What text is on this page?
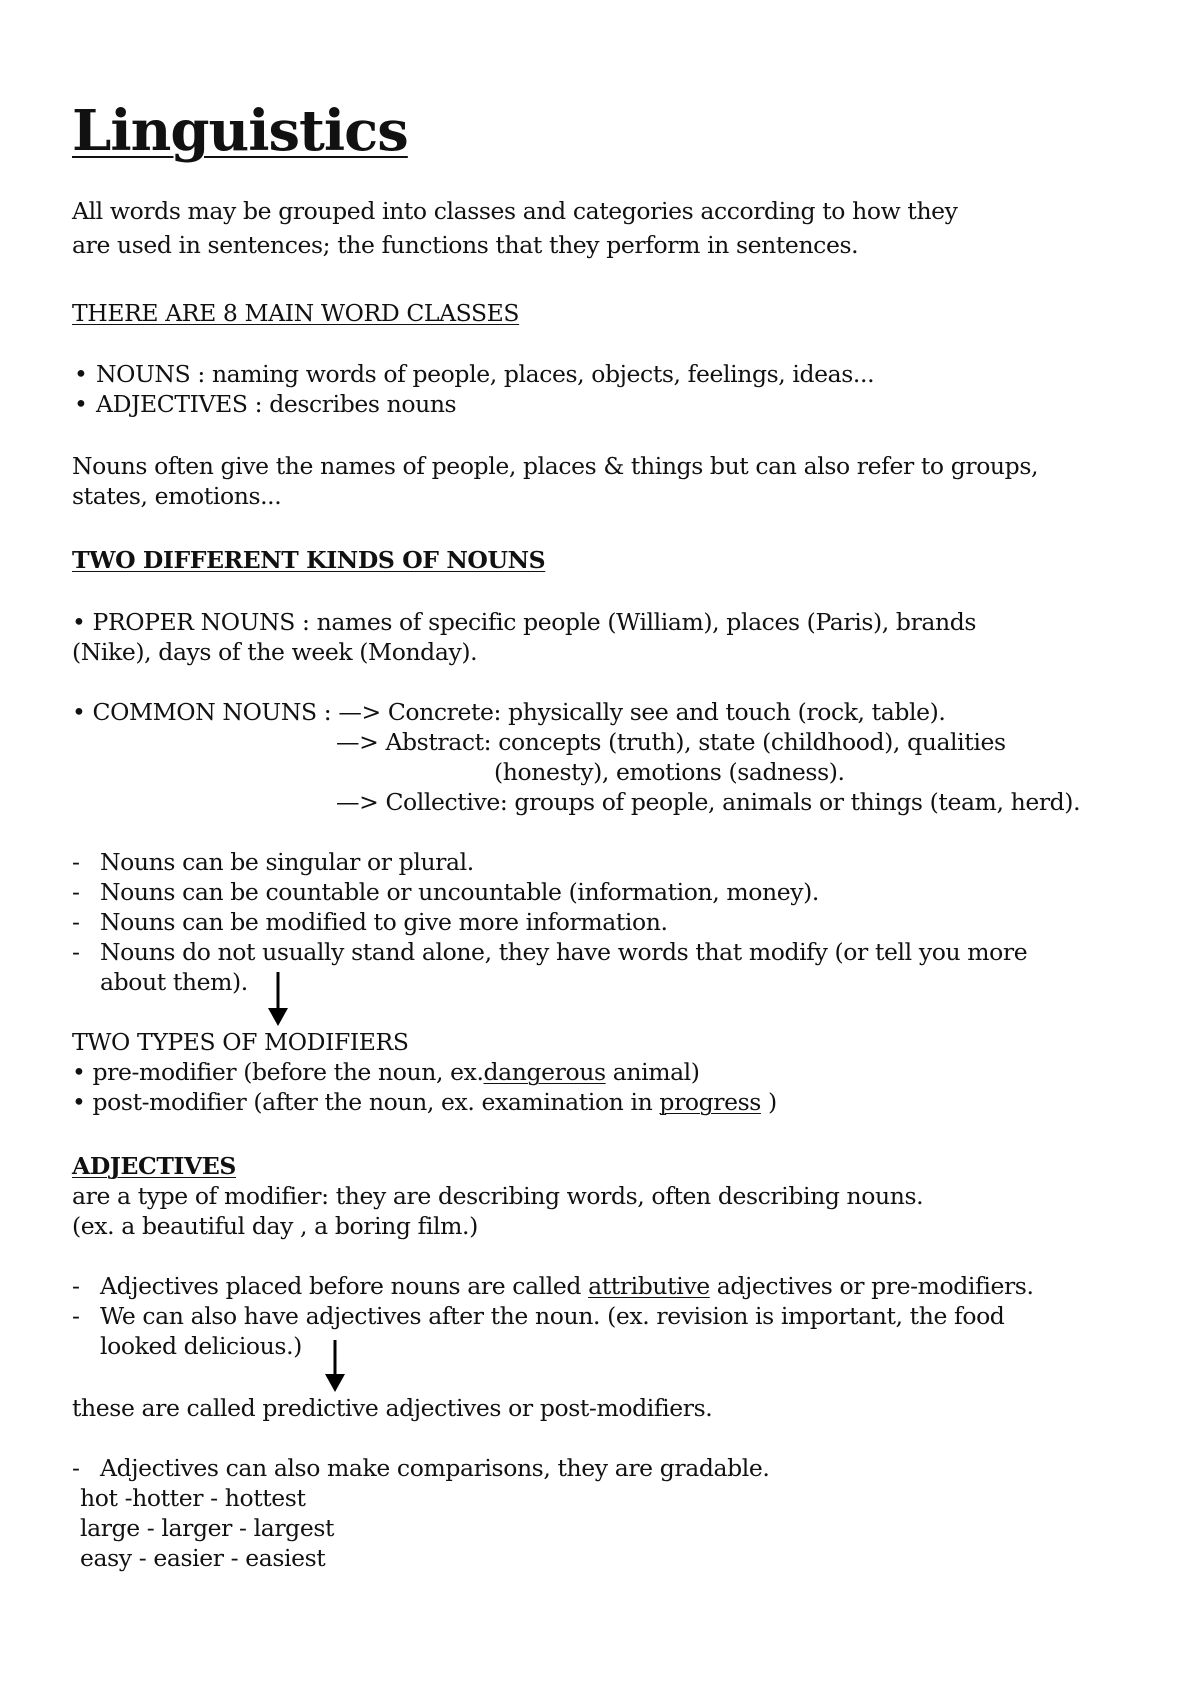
Linguistics
All words may be grouped into classes and categories according to how they
are used in sentences; the functions that they perform in sentences.
THERE ARE 8 MAIN WORD CLASSES
• NOUNS : naming words of people, places, objects, feelings, ideas...
• ADJECTIVES : describes nouns
Nouns often give the names of people, places & things but can also refer to groups,
states, emotions...
TWO DIFFERENT KINDS OF NOUNS
• PROPER NOUNS : names of specific people (William), places (Paris), brands
(Nike), days of the week (Monday).
• COMMON NOUNS : —> Concrete: physically see and touch (rock, table).
—> Abstract: concepts (truth), state (childhood), qualities
(honesty), emotions (sadness).
—> Collective: groups of people, animals or things (team, herd).
- Nouns can be singular or plural.
- Nouns can be countable or uncountable (information, money).
- Nouns can be modified to give more information.
- Nouns do not usually stand alone, they have words that modify (or tell you more
about them).
TWO TYPES OF MODIFIERS
• pre-modifier (before the noun, ex.dangerous animal)
• post-modifier (after the noun, ex. examination in progress )
ADJECTIVES
are a type of modifier: they are describing words, often describing nouns.
(ex. a beautiful day , a boring film.)
- Adjectives placed before nouns are called attributive adjectives or pre-modifiers.
- We can also have adjectives after the noun. (ex. revision is important, the food
looked delicious.)
these are called predictive adjectives or post-modifiers.
- Adjectives can also make comparisons, they are gradable.
hot -hotter - hottest
large - larger - largest
easy - easier - easiest
